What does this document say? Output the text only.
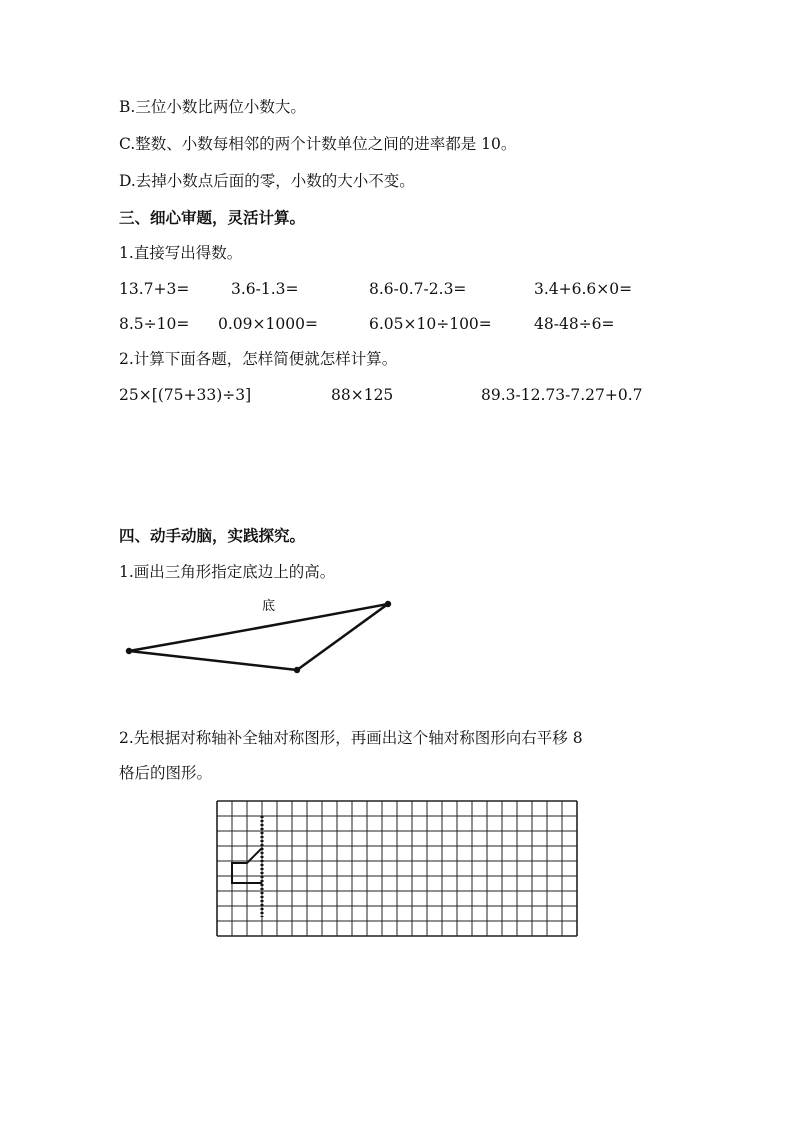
B.三位小数比两位小数大。
C.整数、小数每相邻的两个计数单位之间的进率都是 10。
D.去掉小数点后面的零，小数的大小不变。
三、细心审题，灵活计算。
1.直接写出得数。
13.7+3=	3.6-1.3=	8.6-0.7-2.3=	3.4+6.6×0=
8.5÷10= 0.09×1000=	6.05×10÷100=	48-48÷6=
2.计算下面各题，怎样简便就怎样计算。
25×[(75+33)÷3]	88×125	89.3-12.73-7.27+0.7
四、动手动脑，实践探究。
1.画出三角形指定底边上的高。
底
2.先根据对称轴补全轴对称图形，再画出这个轴对称图形向右平移 8
格后的图形。
